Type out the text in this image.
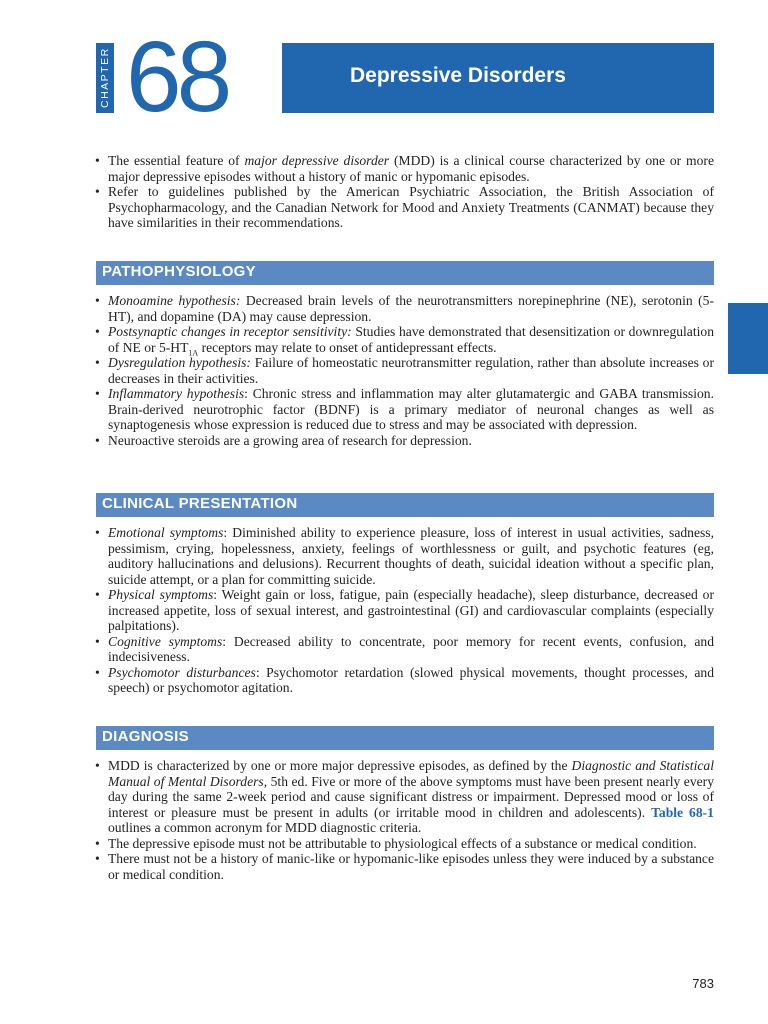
CHAPTER 68	Depressive Disorders
• The essential feature of major depressive disorder (MDD) is a clinical course characterized by one or more major depressive episodes without a history of manic or hypomanic episodes.
• Refer to guidelines published by the American Psychiatric Association, the British Association of Psychopharmacology, and the Canadian Network for Mood and Anxiety Treatments (CANMAT) because they have similarities in their recommendations.
PATHOPHYSIOLOGY
• Monoamine hypothesis: Decreased brain levels of the neurotransmitters norepinephrine (NE), serotonin (5-HT), and dopamine (DA) may cause depression.
• Postsynaptic changes in receptor sensitivity: Studies have demonstrated that desensitization or downregulation of NE or $5-HT_{1A}$ receptors may relate to onset of antidepressant effects.
• Dysregulation hypothesis: Failure of homeostatic neurotransmitter regulation, rather than absolute increases or decreases in their activities.
• Inflammatory hypothesis: Chronic stress and inflammation may alter glutamatergic and GABA transmission. Brain-derived neurotrophic factor (BDNF) is a primary mediator of neuronal changes as well as synaptogenesis whose expression is reduced due to stress and may be associated with depression.
• Neuroactive steroids are a growing area of research for depression.
CLINICAL PRESENTATION
• Emotional symptoms: Diminished ability to experience pleasure, loss of interest in usual activities, sadness, pessimism, crying, hopelessness, anxiety, feelings of worthlessness or guilt, and psychotic features (eg, auditory hallucinations and delusions). Recurrent thoughts of death, suicidal ideation without a specific plan, suicide attempt, or a plan for committing suicide.
• Physical symptoms: Weight gain or loss, fatigue, pain (especially headache), sleep disturbance, decreased or increased appetite, loss of sexual interest, and gastrointestinal (GI) and cardiovascular complaints (especially palpitations).
• Cognitive symptoms: Decreased ability to concentrate, poor memory for recent events, confusion, and indecisiveness.
• Psychomotor disturbances: Psychomotor retardation (slowed physical movements, thought processes, and speech) or psychomotor agitation.
DIAGNOSIS
• MDD is characterized by one or more major depressive episodes, as defined by the Diagnostic and Statistical Manual of Mental Disorders, 5th ed. Five or more of the above symptoms must have been present nearly every day during the same 2-week period and cause significant distress or impairment. Depressed mood or loss of interest or pleasure must be present in adults (or irritable mood in children and adolescents). Table 68-1 outlines a common acronym for MDD diagnostic criteria.
• The depressive episode must not be attributable to physiological effects of a substance or medical condition.
• There must not be a history of manic-like or hypomanic-like episodes unless they were induced by a substance or medical condition.
783
